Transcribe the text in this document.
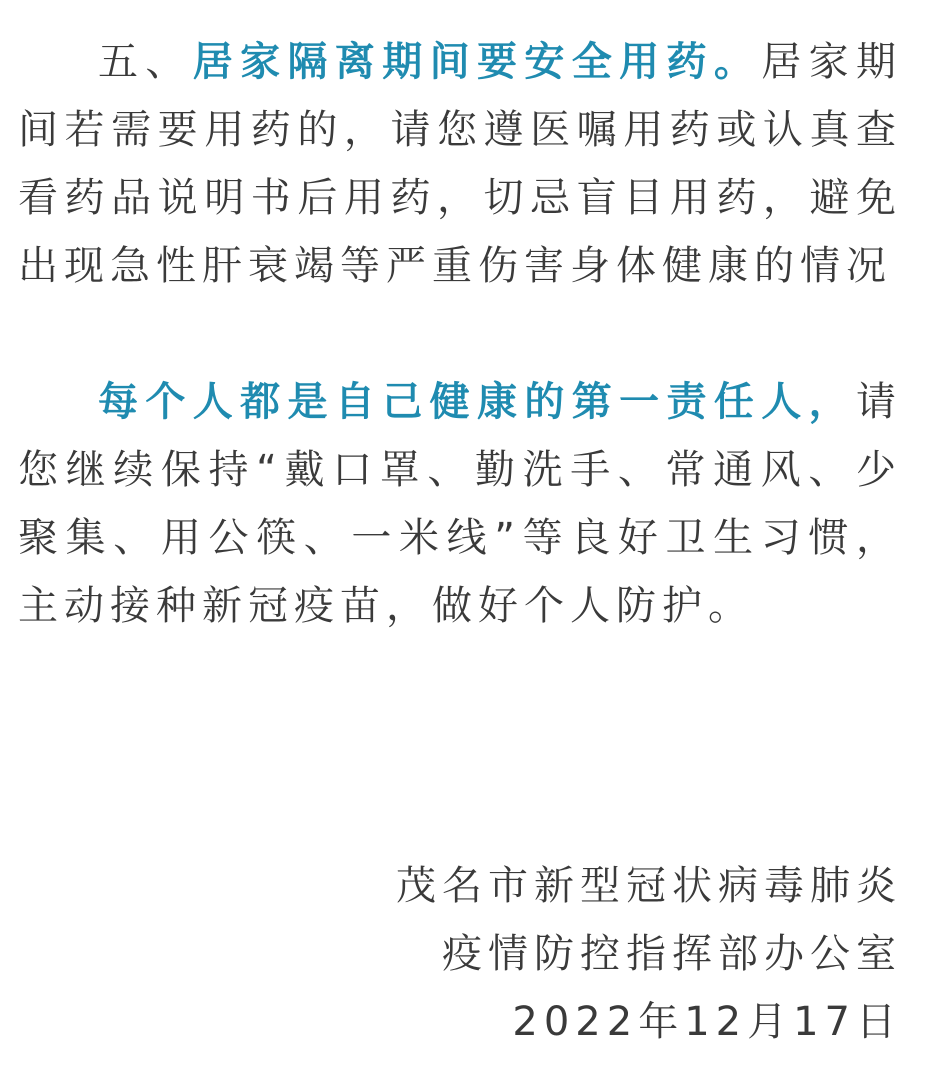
五、居家隔离期间要安全用药。居家期间若需要用药的，请您遵医嘱用药或认真查看药品说明书后用药，切忌盲目用药，避免出现急性肝衰竭等严重伤害身体健康的情况

每个人都是自己健康的第一责任人，请您继续保持“戴口罩、勤洗手、常通风、少聚集、用公筷、一米线”等良好卫生习惯，主动接种新冠疫苗，做好个人防护。

茂名市新型冠状病毒肺炎
疫情防控指挥部办公室
2022年12月17日
